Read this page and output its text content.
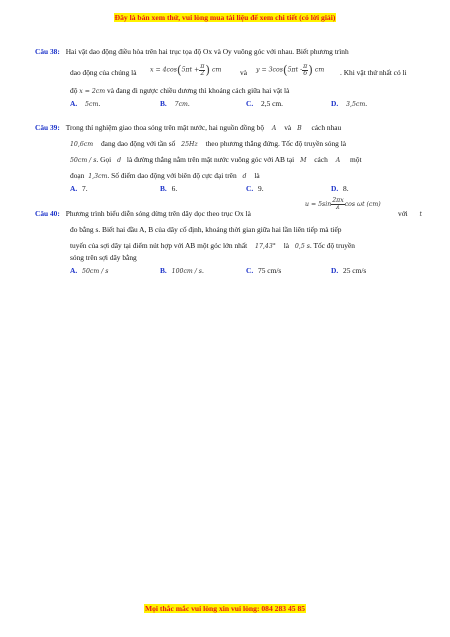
Đây là bản xem thử, vui lòng mua tài liệu để xem chi tiết (có lời giải)
Câu 38: Hai vật dao động điều hòa trên hai trục tọa độ Ox và Oy vuông góc với nhau. Biết phương trình
dao động của chúng là $x = 4\cos(5\pi t + \frac{\pi}{2}$ ) cm	và $y = 3\cos(5\pi t - \frac{\pi}{6}$ ) cm . Khi vật thứ nhất có li
độ x = 2cm và đang đi ngược chiều dương thì khoảng cách giữa hai vật là
A. 5cm.	B. 7cm.	C. 2,5 cm.	D. 3,5cm.
Câu 39: Trong thí nghiệm giao thoa sóng trên mặt nước, hai nguồn đồng bộ A và B cách nhau
10,6cm đang dao động với tần số 25Hz theo phương thẳng đứng. Tốc độ truyền sóng là
50cm / s. Gọi d là đường thẳng nằm trên mặt nước vuông góc với AB tại M cách A một
đoạn 1,3cm. Số điểm dao động với biên độ cực đại trên d là
A. 7.	B. 6.	C. 9.	D. 8.
$u = 5\sin \frac{2\pi x}{\lambda}$ cos ωt (cm)
Câu 40: Phương trình biểu diễn sóng dừng trên dây dọc theo trục Ox là	với t
đo bằng s. Biết hai đầu A, B của dây cố định, khoảng thời gian giữa hai lần liên tiếp mà tiếp
tuyến của sợi dây tại điểm nút hợp với AB một góc lớn nhất 17,43° là 0,5 s. Tốc độ truyền
sóng trên sợi dây bằng
A. 50cm / s	B. 100cm / s.	C. 75 cm/s	D. 25 cm/s
Mọi thắc mắc vui lòng xin vui lòng: 084 283 45 85
